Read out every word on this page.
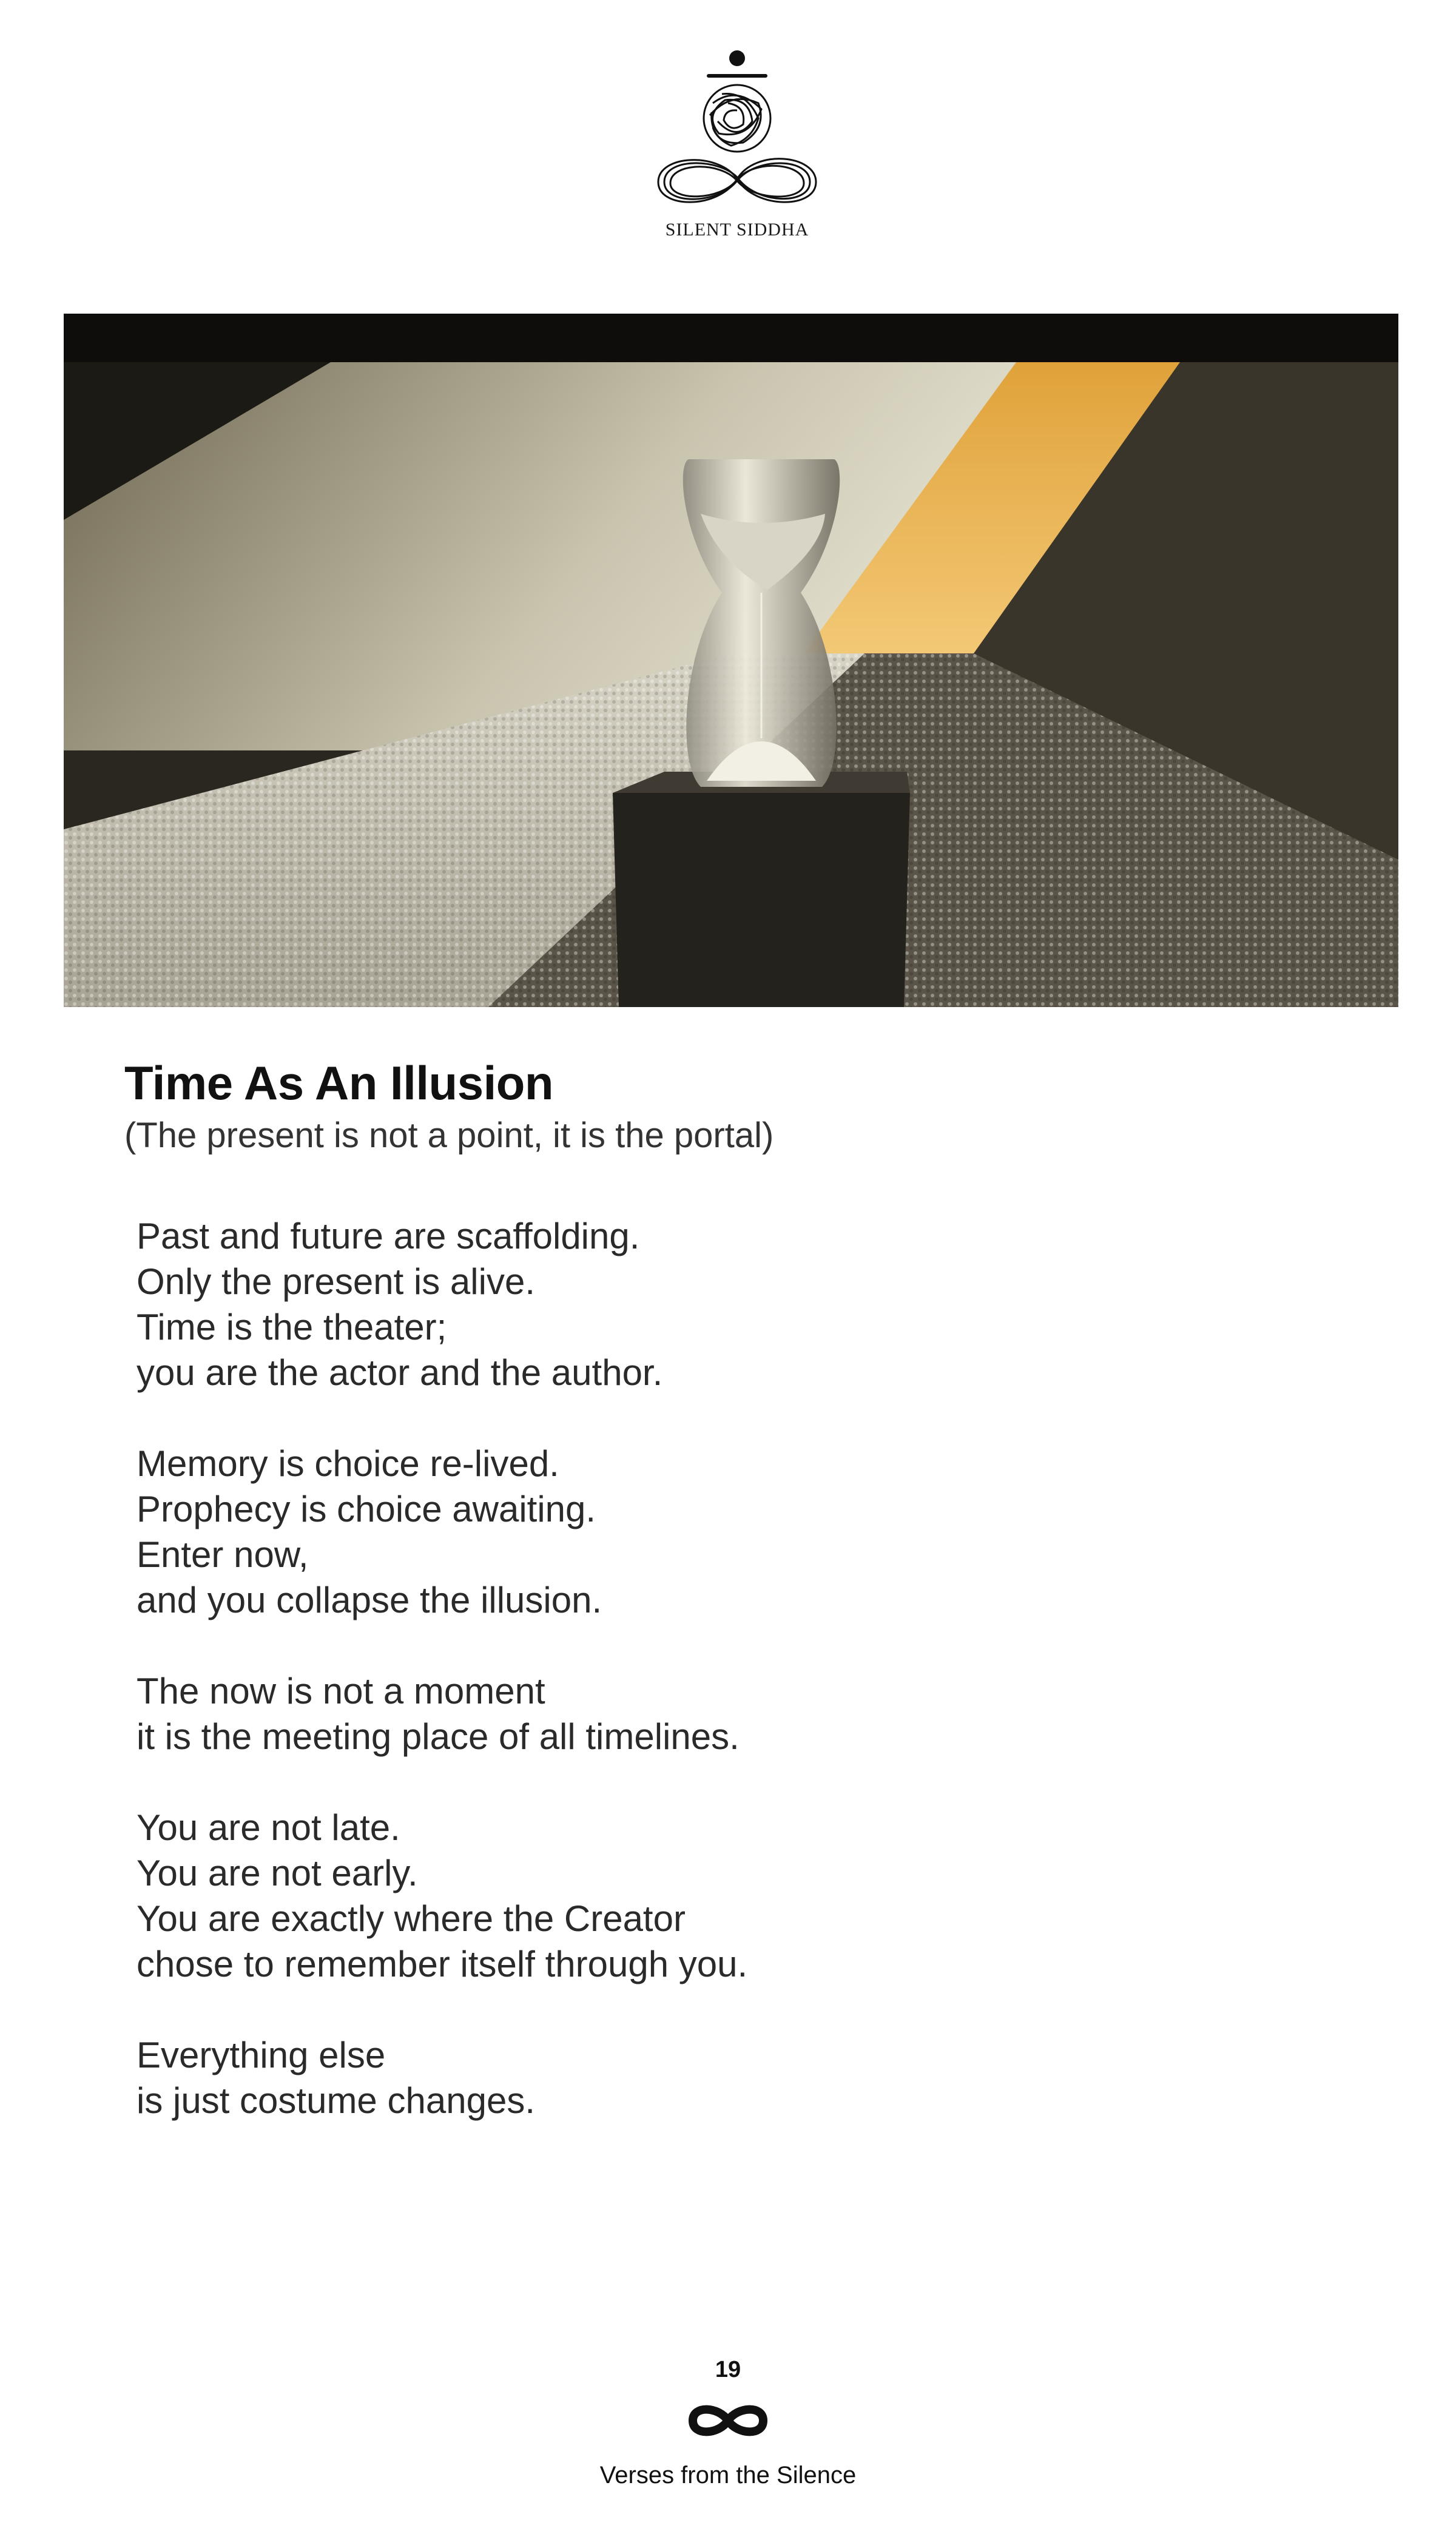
SILENT SIDDHA
Time As An Illusion
(The present is not a point, it is the portal)
Past and future are scaffolding.
Only the present is alive.
Time is the theater;
you are the actor and the author.
Memory is choice re-lived.
Prophecy is choice awaiting.
Enter now,
and you collapse the illusion.
The now is not a moment
it is the meeting place of all timelines.
You are not late.
You are not early.
You are exactly where the Creator
chose to remember itself through you.
Everything else
is just costume changes.
19
Verses from the Silence
